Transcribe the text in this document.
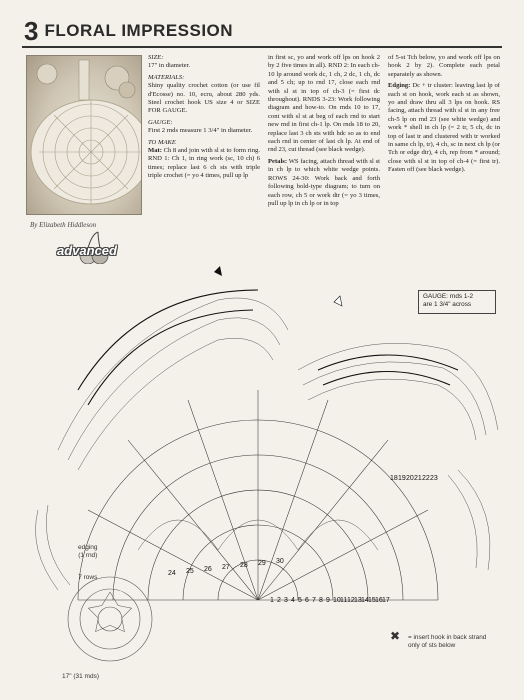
3 FLORAL IMPRESSION
By Elizabeth Hiddleson
advanced
SIZE:
17" in diameter.
MATERIALS:
Shiny quality crochet cotton (or use fil d'Ecosse) no. 10, ecru, about 280 yds. Steel crochet hook US size 4 or SIZE FOR GAUGE.
GAUGE:
First 2 rnds measure 1 3/4" in diameter.
TO MAKE
Mat: Ch 8 and join with sl st to form ring. RND 1: Ch 1, in ring work (sc, 10 ch) 6 times; replace last 6 ch sts with triple triple crochet (= yo 4 times, pull up lp
in first sc, yo and work off lps on hook 2 by 2 five times in all). RND 2: In each ch-10 lp around work dc, 1 ch, 2 dc, 1 ch, dc and 5 ch; up to rnd 17, close each rnd with sl st in top of ch-3 (= first dc throughout). RNDS 3-23: Work following diagram and how-to. On rnds 10 to 17, cont with sl st at beg of each rnd to start new rnd in first ch-1 lp. On rnds 18 to 20, replace last 3 ch sts with hdc so as to end each rnd in center of last ch lp. At end of rnd 23, cut thread (see black wedge).
Petals: WS facing, attach thread with sl st in ch lp to which white wedge points. ROWS 24-30: Work back and forth following bold-type diagram; to turn on each row, ch 5 or work dtr (= yo 3 times, pull up lp in ch lp or in top
of 5-st Tch below, yo and work off lps on hook 2 by 2). Complete each petal separately as shown.
Edging: Dc + tr cluster: leaving last lp of each st on hook, work each st as shown, yo and draw thru all 3 lps on hook. RS facing, attach thread with sl st in any free ch-5 lp on rnd 23 (see white wedge) and work * shell in ch lp (= 2 tr, 5 ch, dc in top of last tr and clustered with tr worked in same ch lp, tr), 4 ch, sc in next ch lp (or Tch or edge dtr), 4 ch, rep from * around; close with sl st in top of ch-4 (= first tr). Fasten off (see black wedge).
GAUGE: rnds 1-2
are 1 3/4" across
1 2 3 4 5 6 7 8 9 10 11 12 13 14 15 16 17
18 19 20 21 22 23
24 25 26 27 28 29 30
edging
(1 rnd)
7 rows
17" (31 mds)
✖ = insert hook in back strand only of sts below
